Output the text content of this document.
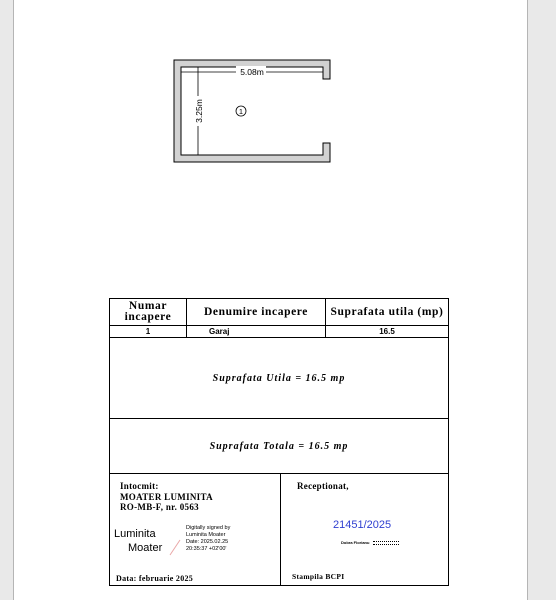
5.08m
3.25m	1
Numar incapere	Denumire incapere	Suprafata utila (mp)
1	Garaj	16.5
Suprafata Utila = 16.5 mp
Suprafata Totala = 16.5 mp
Intocmit:
MOATER LUMINITA
RO-MB-F, nr. 0563
Luminita
Moater
Digitally signed by
Luminita Moater
Date: 2025.02.25
20:35:37 +02'00'
Data: februarie 2025
Receptionat,
21451/2025
Dobra Florianu
Stampila BCPI
